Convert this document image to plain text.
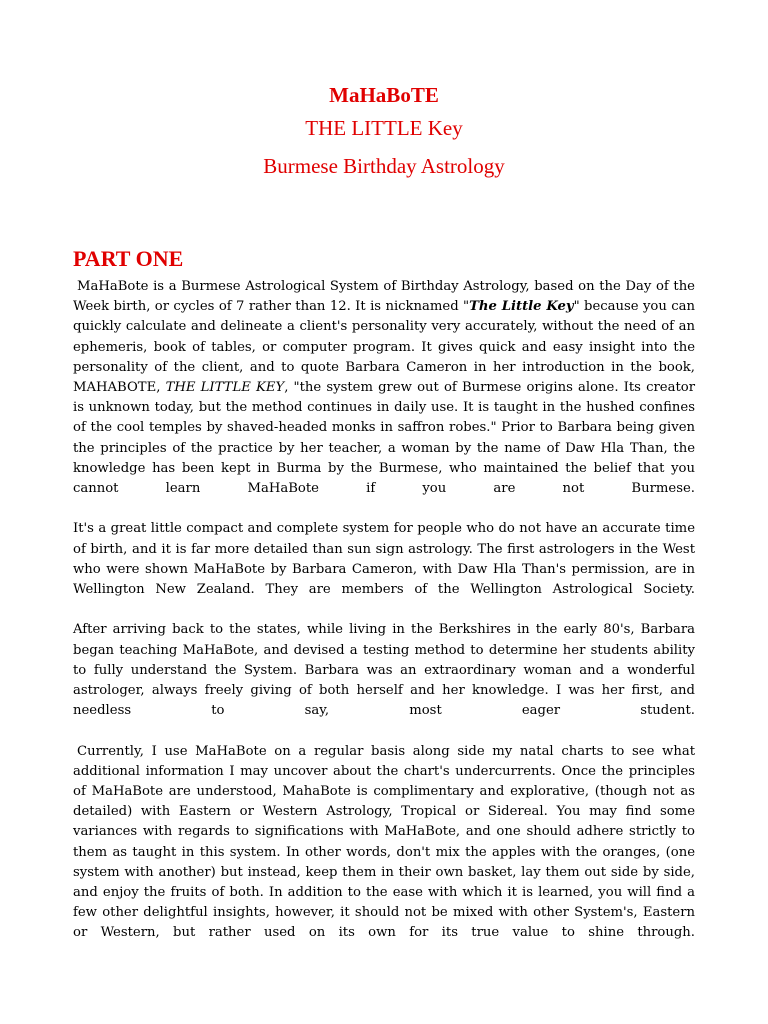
MaHaBoTE
THE LITTLE Key
Burmese Birthday Astrology
PART ONE

MaHaBote is a Burmese Astrological System of Birthday Astrology, based on the Day of the Week birth, or cycles of 7 rather than 12. It is nicknamed "The Little Key" because you can quickly calculate and delineate a client's personality very accurately, without the need of an ephemeris, book of tables, or computer program. It gives quick and easy insight into the personality of the client, and to quote Barbara Cameron in her introduction in the book, MAHABOTE, THE LITTLE KEY, "the system grew out of Burmese origins alone. Its creator is unknown today, but the method continues in daily use. It is taught in the hushed confines of the cool temples by shaved-headed monks in saffron robes." Prior to Barbara being given the principles of the practice by her teacher, a woman by the name of Daw Hla Than, the knowledge has been kept in Burma by the Burmese, who maintained the belief that you cannot learn MaHaBote if you are not Burmese.

It's a great little compact and complete system for people who do not have an accurate time of birth, and it is far more detailed than sun sign astrology. The first astrologers in the West who were shown MaHaBote by Barbara Cameron, with Daw Hla Than's permission, are in Wellington New Zealand. They are members of the Wellington Astrological Society.

After arriving back to the states, while living in the Berkshires in the early 80's, Barbara began teaching MaHaBote, and devised a testing method to determine her students ability to fully understand the System. Barbara was an extraordinary woman and a wonderful astrologer, always freely giving of both herself and her knowledge. I was her first, and needless to say, most eager student.

Currently, I use MaHaBote on a regular basis along side my natal charts to see what additional information I may uncover about the chart's undercurrents. Once the principles of MaHaBote are understood, MahaBote is complimentary and explorative, (though not as detailed) with Eastern or Western Astrology, Tropical or Sidereal. You may find some variances with regards to significations with MaHaBote, and one should adhere strictly to them as taught in this system. In other words, don't mix the apples with the oranges, (one system with another) but instead, keep them in their own basket, lay them out side by side, and enjoy the fruits of both. In addition to the ease with which it is learned, you will find a few other delightful insights, however, it should not be mixed with other System's, Eastern or Western, but rather used on its own for its true value to shine through.
